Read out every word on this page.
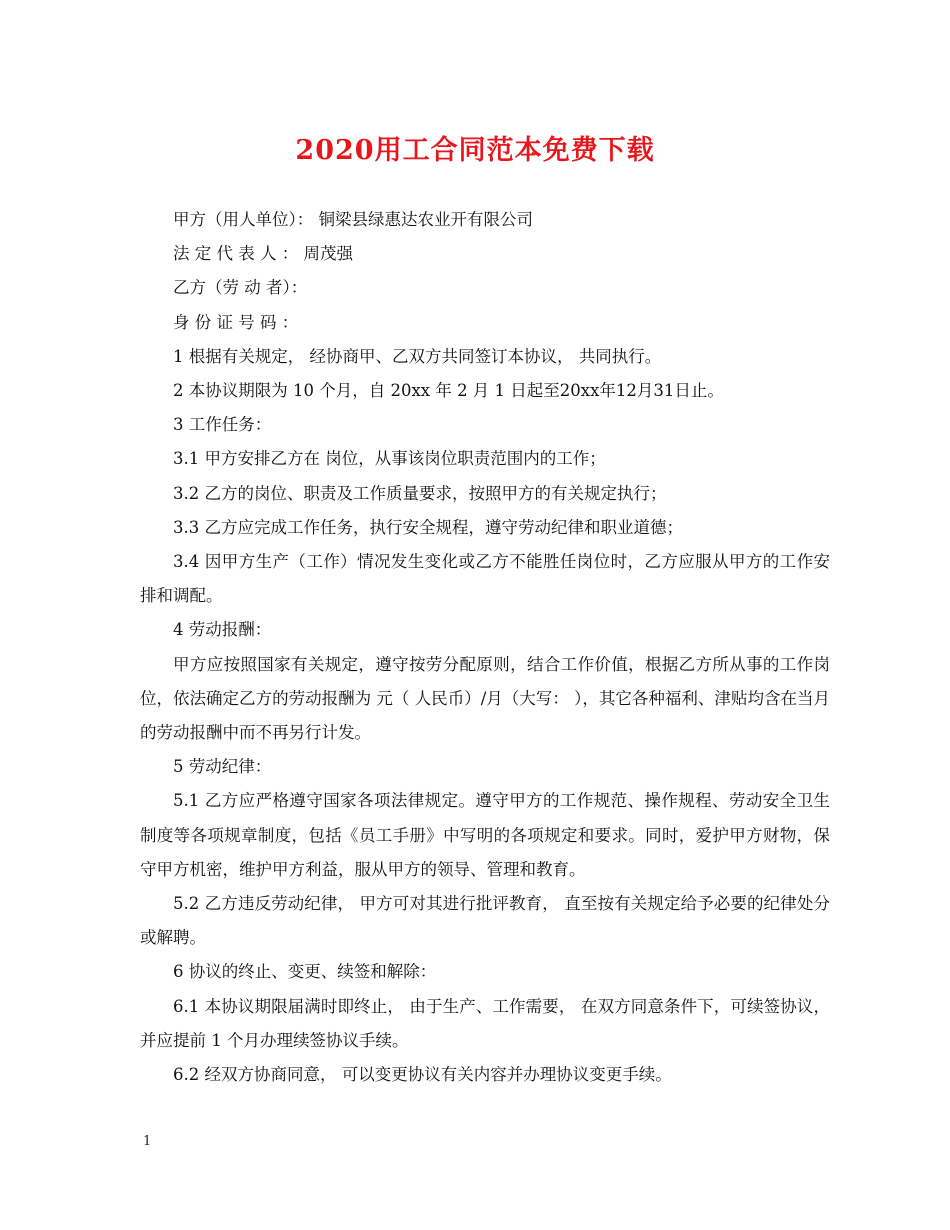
2020用工合同范本免费下载

甲方（用人单位）： 铜梁县绿惠达农业开有限公司

法 定 代 表 人 ： 周茂强

乙方（劳 动 者）：

身 份 证 号 码 ：

1 根据有关规定， 经协商甲、乙双方共同签订本协议， 共同执行。

2 本协议期限为 10 个月，自 20xx 年 2 月 1 日起至20xx年12月31日止。

3 工作任务：

3.1 甲方安排乙方在 岗位，从事该岗位职责范围内的工作；

3.2 乙方的岗位、职责及工作质量要求，按照甲方的有关规定执行；

3.3 乙方应完成工作任务，执行安全规程，遵守劳动纪律和职业道德；

3.4 因甲方生产（工作）情况发生变化或乙方不能胜任岗位时，乙方应服从甲方的工作安排和调配。

4 劳动报酬：

甲方应按照国家有关规定，遵守按劳分配原则，结合工作价值，根据乙方所从事的工作岗位，依法确定乙方的劳动报酬为 元（ 人民币）/月（大写： ），其它各种福利、津贴均含在当月的劳动报酬中而不再另行计发。

5 劳动纪律：

5.1 乙方应严格遵守国家各项法律规定。遵守甲方的工作规范、操作规程、劳动安全卫生制度等各项规章制度，包括《员工手册》中写明的各项规定和要求。同时，爱护甲方财物，保守甲方机密，维护甲方利益，服从甲方的领导、管理和教育。

5.2 乙方违反劳动纪律， 甲方可对其进行批评教育， 直至按有关规定给予必要的纪律处分或解聘。

6 协议的终止、变更、续签和解除：

6.1 本协议期限届满时即终止， 由于生产、工作需要， 在双方同意条件下，可续签协议， 并应提前 1 个月办理续签协议手续。

6.2 经双方协商同意， 可以变更协议有关内容并办理协议变更手续。

1
